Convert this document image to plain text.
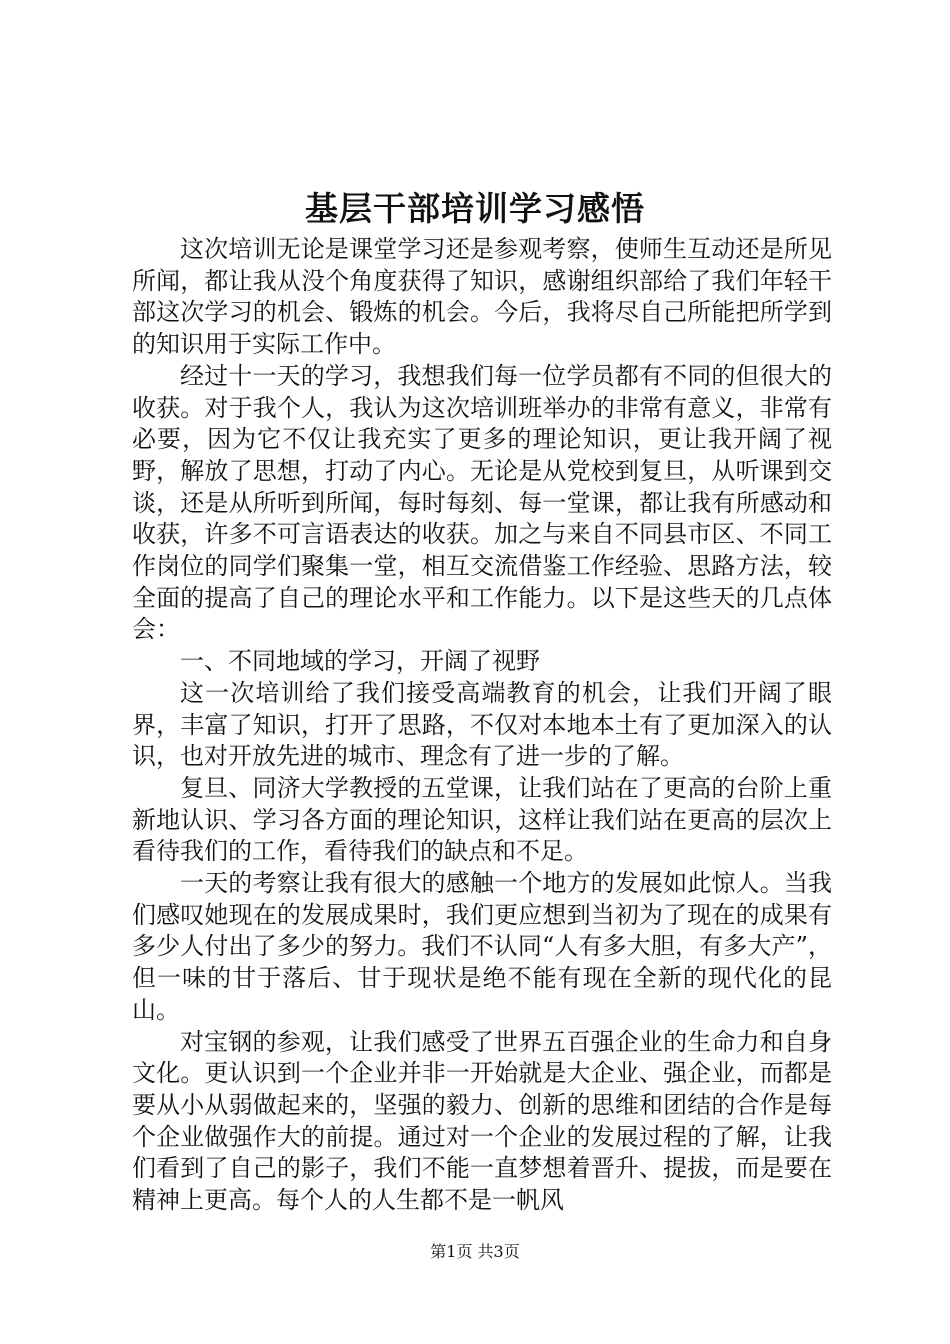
基层干部培训学习感悟

这次培训无论是课堂学习还是参观考察，使师生互动还是所见所闻，都让我从没个角度获得了知识，感谢组织部给了我们年轻干部这次学习的机会、锻炼的机会。今后，我将尽自己所能把所学到的知识用于实际工作中。

经过十一天的学习，我想我们每一位学员都有不同的但很大的收获。对于我个人，我认为这次培训班举办的非常有意义，非常有必要，因为它不仅让我充实了更多的理论知识，更让我开阔了视野，解放了思想，打动了内心。无论是从党校到复旦，从听课到交谈，还是从所听到所闻，每时每刻、每一堂课，都让我有所感动和收获，许多不可言语表达的收获。加之与来自不同县市区、不同工作岗位的同学们聚集一堂，相互交流借鉴工作经验、思路方法，较全面的提高了自己的理论水平和工作能力。以下是这些天的几点体会：

一、不同地域的学习，开阔了视野

这一次培训给了我们接受高端教育的机会，让我们开阔了眼界，丰富了知识，打开了思路，不仅对本地本土有了更加深入的认识，也对开放先进的城市、理念有了进一步的了解。

复旦、同济大学教授的五堂课，让我们站在了更高的台阶上重新地认识、学习各方面的理论知识，这样让我们站在更高的层次上看待我们的工作，看待我们的缺点和不足。

一天的考察让我有很大的感触一个地方的发展如此惊人。当我们感叹她现在的发展成果时，我们更应想到当初为了现在的成果有多少人付出了多少的努力。我们不认同“人有多大胆，有多大产”，但一味的甘于落后、甘于现状是绝不能有现在全新的现代化的昆山。

对宝钢的参观，让我们感受了世界五百强企业的生命力和自身文化。更认识到一个企业并非一开始就是大企业、强企业，而都是要从小从弱做起来的，坚强的毅力、创新的思维和团结的合作是每个企业做强作大的前提。通过对一个企业的发展过程的了解，让我们看到了自己的影子，我们不能一直梦想着晋升、提拔，而是要在精神上更高。每个人的人生都不是一帆风

第1页 共3页
